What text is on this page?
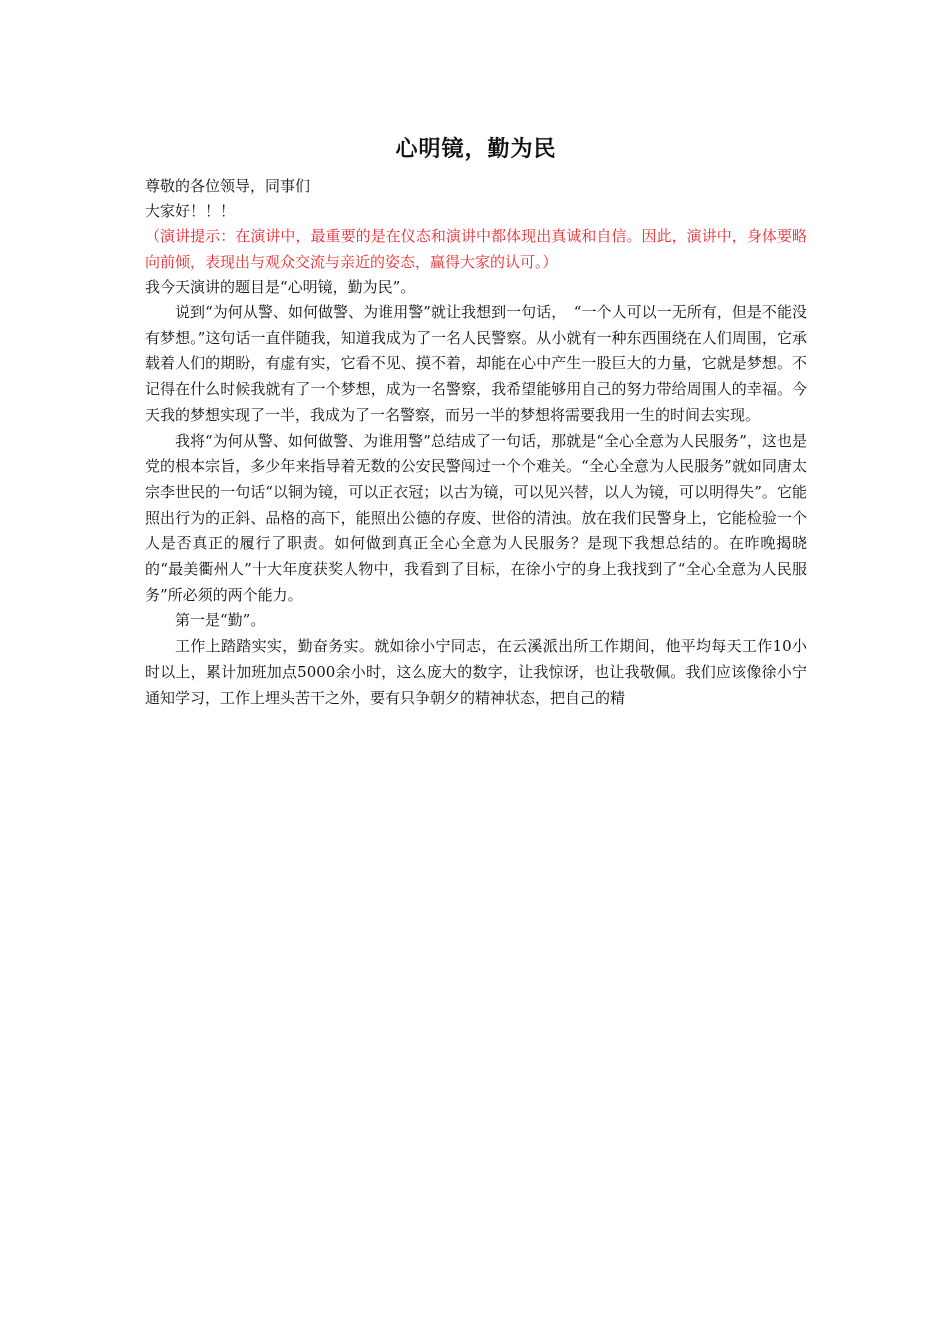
心明镜，勤为民

尊敬的各位领导，同事们

大家好！！！

（演讲提示：在演讲中，最重要的是在仪态和演讲中都体现出真诚和自信。因此，演讲中，身体要略向前倾，表现出与观众交流与亲近的姿态，赢得大家的认可。）

我今天演讲的题目是“心明镜，勤为民”。

说到“为何从警、如何做警、为谁用警”就让我想到一句话，　“一个人可以一无所有，但是不能没有梦想。”这句话一直伴随我，知道我成为了一名人民警察。从小就有一种东西围绕在人们周围，它承载着人们的期盼，有虚有实，它看不见、摸不着，却能在心中产生一股巨大的力量，它就是梦想。不记得在什么时候我就有了一个梦想，成为一名警察，我希望能够用自己的努力带给周围人的幸福。今天我的梦想实现了一半，我成为了一名警察，而另一半的梦想将需要我用一生的时间去实现。

我将“为何从警、如何做警、为谁用警”总结成了一句话，那就是“全心全意为人民服务”，这也是党的根本宗旨，多少年来指导着无数的公安民警闯过一个个难关。“全心全意为人民服务”就如同唐太宗李世民的一句话“以铜为镜，可以正衣冠；以古为镜，可以见兴替，以人为镜，可以明得失”。它能照出行为的正斜、品格的高下，能照出公德的存废、世俗的清浊。放在我们民警身上，它能检验一个人是否真正的履行了职责。如何做到真正全心全意为人民服务？是现下我想总结的。在昨晚揭晓的“最美衢州人”十大年度获奖人物中，我看到了目标，在徐小宁的身上我找到了“全心全意为人民服务”所必须的两个能力。

第一是“勤”。

工作上踏踏实实，勤奋务实。就如徐小宁同志，在云溪派出所工作期间，他平均每天工作10小时以上，累计加班加点5000余小时，这么庞大的数字，让我惊讶，也让我敬佩。我们应该像徐小宁通知学习，工作上埋头苦干之外，要有只争朝夕的精神状态，把自己的精
